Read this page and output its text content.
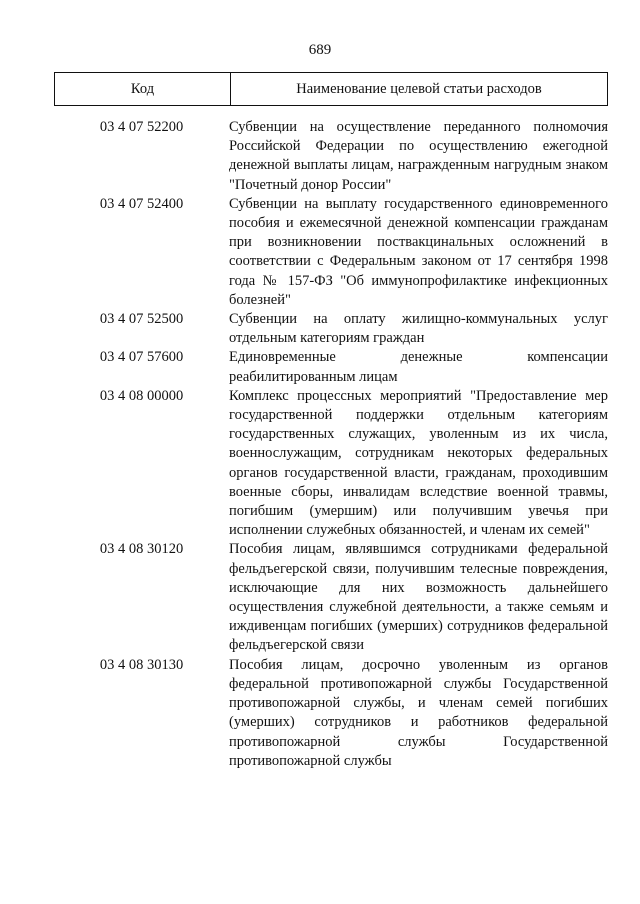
689
Код	Наименование целевой статьи расходов
03 4 07 52200	Субвенции на осуществление переданного полномочия Российской Федерации по осуществлению ежегодной денежной выплаты лицам, награжденным нагрудным знаком "Почетный донор России"
03 4 07 52400	Субвенции на выплату государственного единовременного пособия и ежемесячной денежной компенсации гражданам при возникновении поствакцинальных осложнений в соответствии с Федеральным законом от 17 сентября 1998 года № 157-ФЗ "Об иммунопрофилактике инфекционных болезней"
03 4 07 52500	Субвенции на оплату жилищно-коммунальных услуг отдельным категориям граждан
03 4 07 57600	Единовременные денежные компенсации реабилитированным лицам
03 4 08 00000	Комплекс процессных мероприятий "Предоставление мер государственной поддержки отдельным категориям государственных служащих, уволенным из их числа, военнослужащим, сотрудникам некоторых федеральных органов государственной власти, гражданам, проходившим военные сборы, инвалидам вследствие военной травмы, погибшим (умершим) или получившим увечья при исполнении служебных обязанностей, и членам их семей"
03 4 08 30120	Пособия лицам, являвшимся сотрудниками федеральной фельдъегерской связи, получившим телесные повреждения, исключающие для них возможность дальнейшего осуществления служебной деятельности, а также семьям и иждивенцам погибших (умерших) сотрудников федеральной фельдъегерской связи
03 4 08 30130	Пособия лицам, досрочно уволенным из органов федеральной противопожарной службы Государственной противопожарной службы, и членам семей погибших (умерших) сотрудников и работников федеральной противопожарной службы Государственной противопожарной службы
